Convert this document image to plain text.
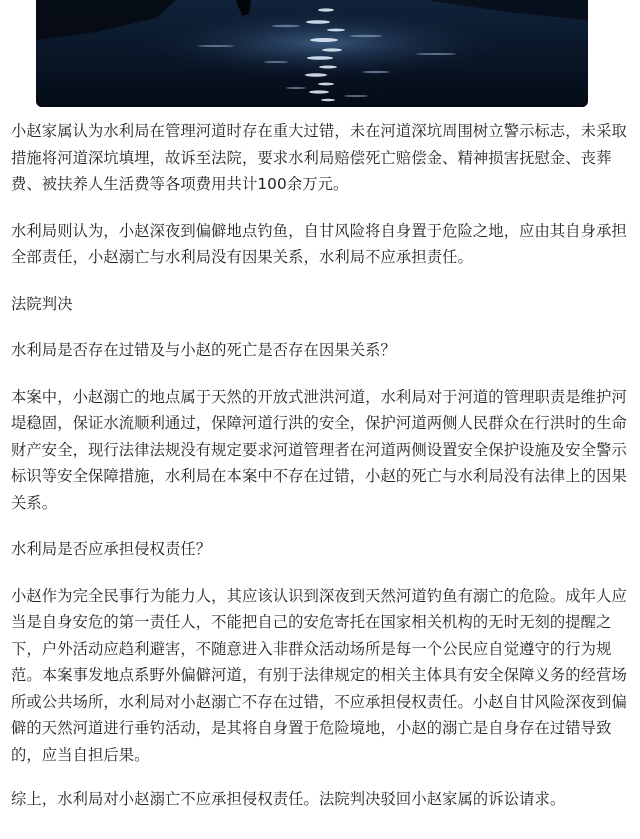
小赵家属认为水利局在管理河道时存在重大过错，未在河道深坑周围树立警示标志，未采取措施将河道深坑填埋，故诉至法院，要求水利局赔偿死亡赔偿金、精神损害抚慰金、丧葬费、被扶养人生活费等各项费用共计100余万元。

水利局则认为，小赵深夜到偏僻地点钓鱼，自甘风险将自身置于危险之地，应由其自身承担全部责任，小赵溺亡与水利局没有因果关系，水利局不应承担责任。

法院判决

水利局是否存在过错及与小赵的死亡是否存在因果关系？

本案中，小赵溺亡的地点属于天然的开放式泄洪河道，水利局对于河道的管理职责是维护河堤稳固，保证水流顺利通过，保障河道行洪的安全，保护河道两侧人民群众在行洪时的生命财产安全，现行法律法规没有规定要求河道管理者在河道两侧设置安全保护设施及安全警示标识等安全保障措施，水利局在本案中不存在过错，小赵的死亡与水利局没有法律上的因果关系。

水利局是否应承担侵权责任？

小赵作为完全民事行为能力人，其应该认识到深夜到天然河道钓鱼有溺亡的危险。成年人应当是自身安危的第一责任人，不能把自己的安危寄托在国家相关机构的无时无刻的提醒之下，户外活动应趋利避害，不随意进入非群众活动场所是每一个公民应自觉遵守的行为规范。本案事发地点系野外偏僻河道，有别于法律规定的相关主体具有安全保障义务的经营场所或公共场所，水利局对小赵溺亡不存在过错，不应承担侵权责任。小赵自甘风险深夜到偏僻的天然河道进行垂钓活动，是其将自身置于危险境地，小赵的溺亡是自身存在过错导致的，应当自担后果。

综上，水利局对小赵溺亡不应承担侵权责任。法院判决驳回小赵家属的诉讼请求。
